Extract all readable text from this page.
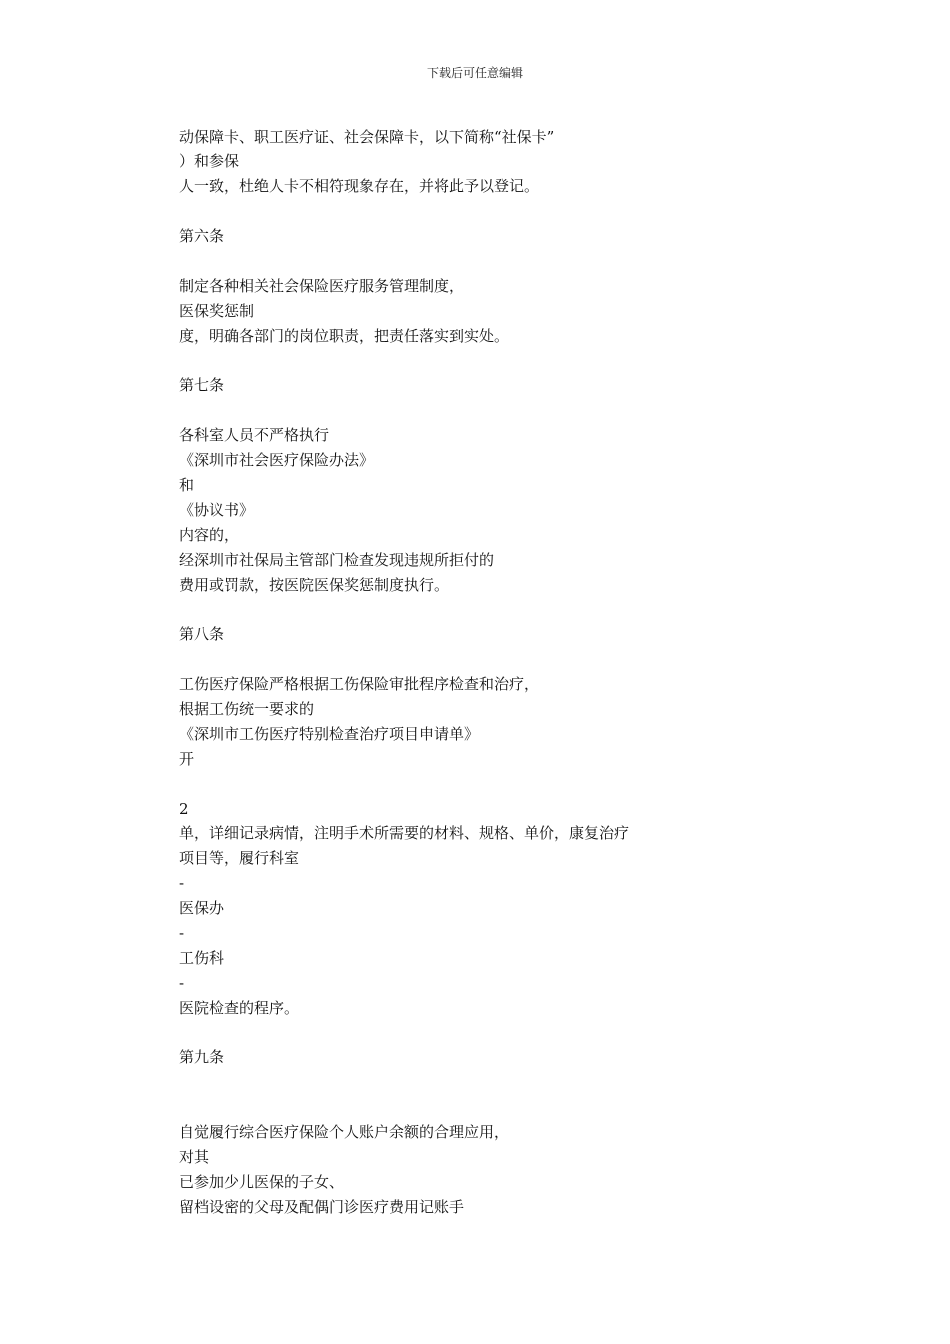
下载后可任意编辑
动保障卡、职工医疗证、社会保障卡，以下简称“社保卡”
）和参保
人一致，杜绝人卡不相符现象存在，并将此予以登记。
第六条
制定各种相关社会保险医疗服务管理制度，
医保奖惩制
度，明确各部门的岗位职责，把责任落实到实处。
第七条
各科室人员不严格执行
《深圳市社会医疗保险办法》
和
《协议书》
内容的，
经深圳市社保局主管部门检查发现违规所拒付的
费用或罚款，按医院医保奖惩制度执行。
第八条
工伤医疗保险严格根据工伤保险审批程序检查和治疗，
根据工伤统一要求的
《深圳市工伤医疗特别检查治疗项目申请单》
开
2
单，详细记录病情，注明手术所需要的材料、规格、单价，康复治疗
项目等，履行科室
-
医保办
-
工伤科
-
医院检查的程序。
第九条
自觉履行综合医疗保险个人账户余额的合理应用，
对其
已参加少儿医保的子女、
留档设密的父母及配偶门诊医疗费用记账手
